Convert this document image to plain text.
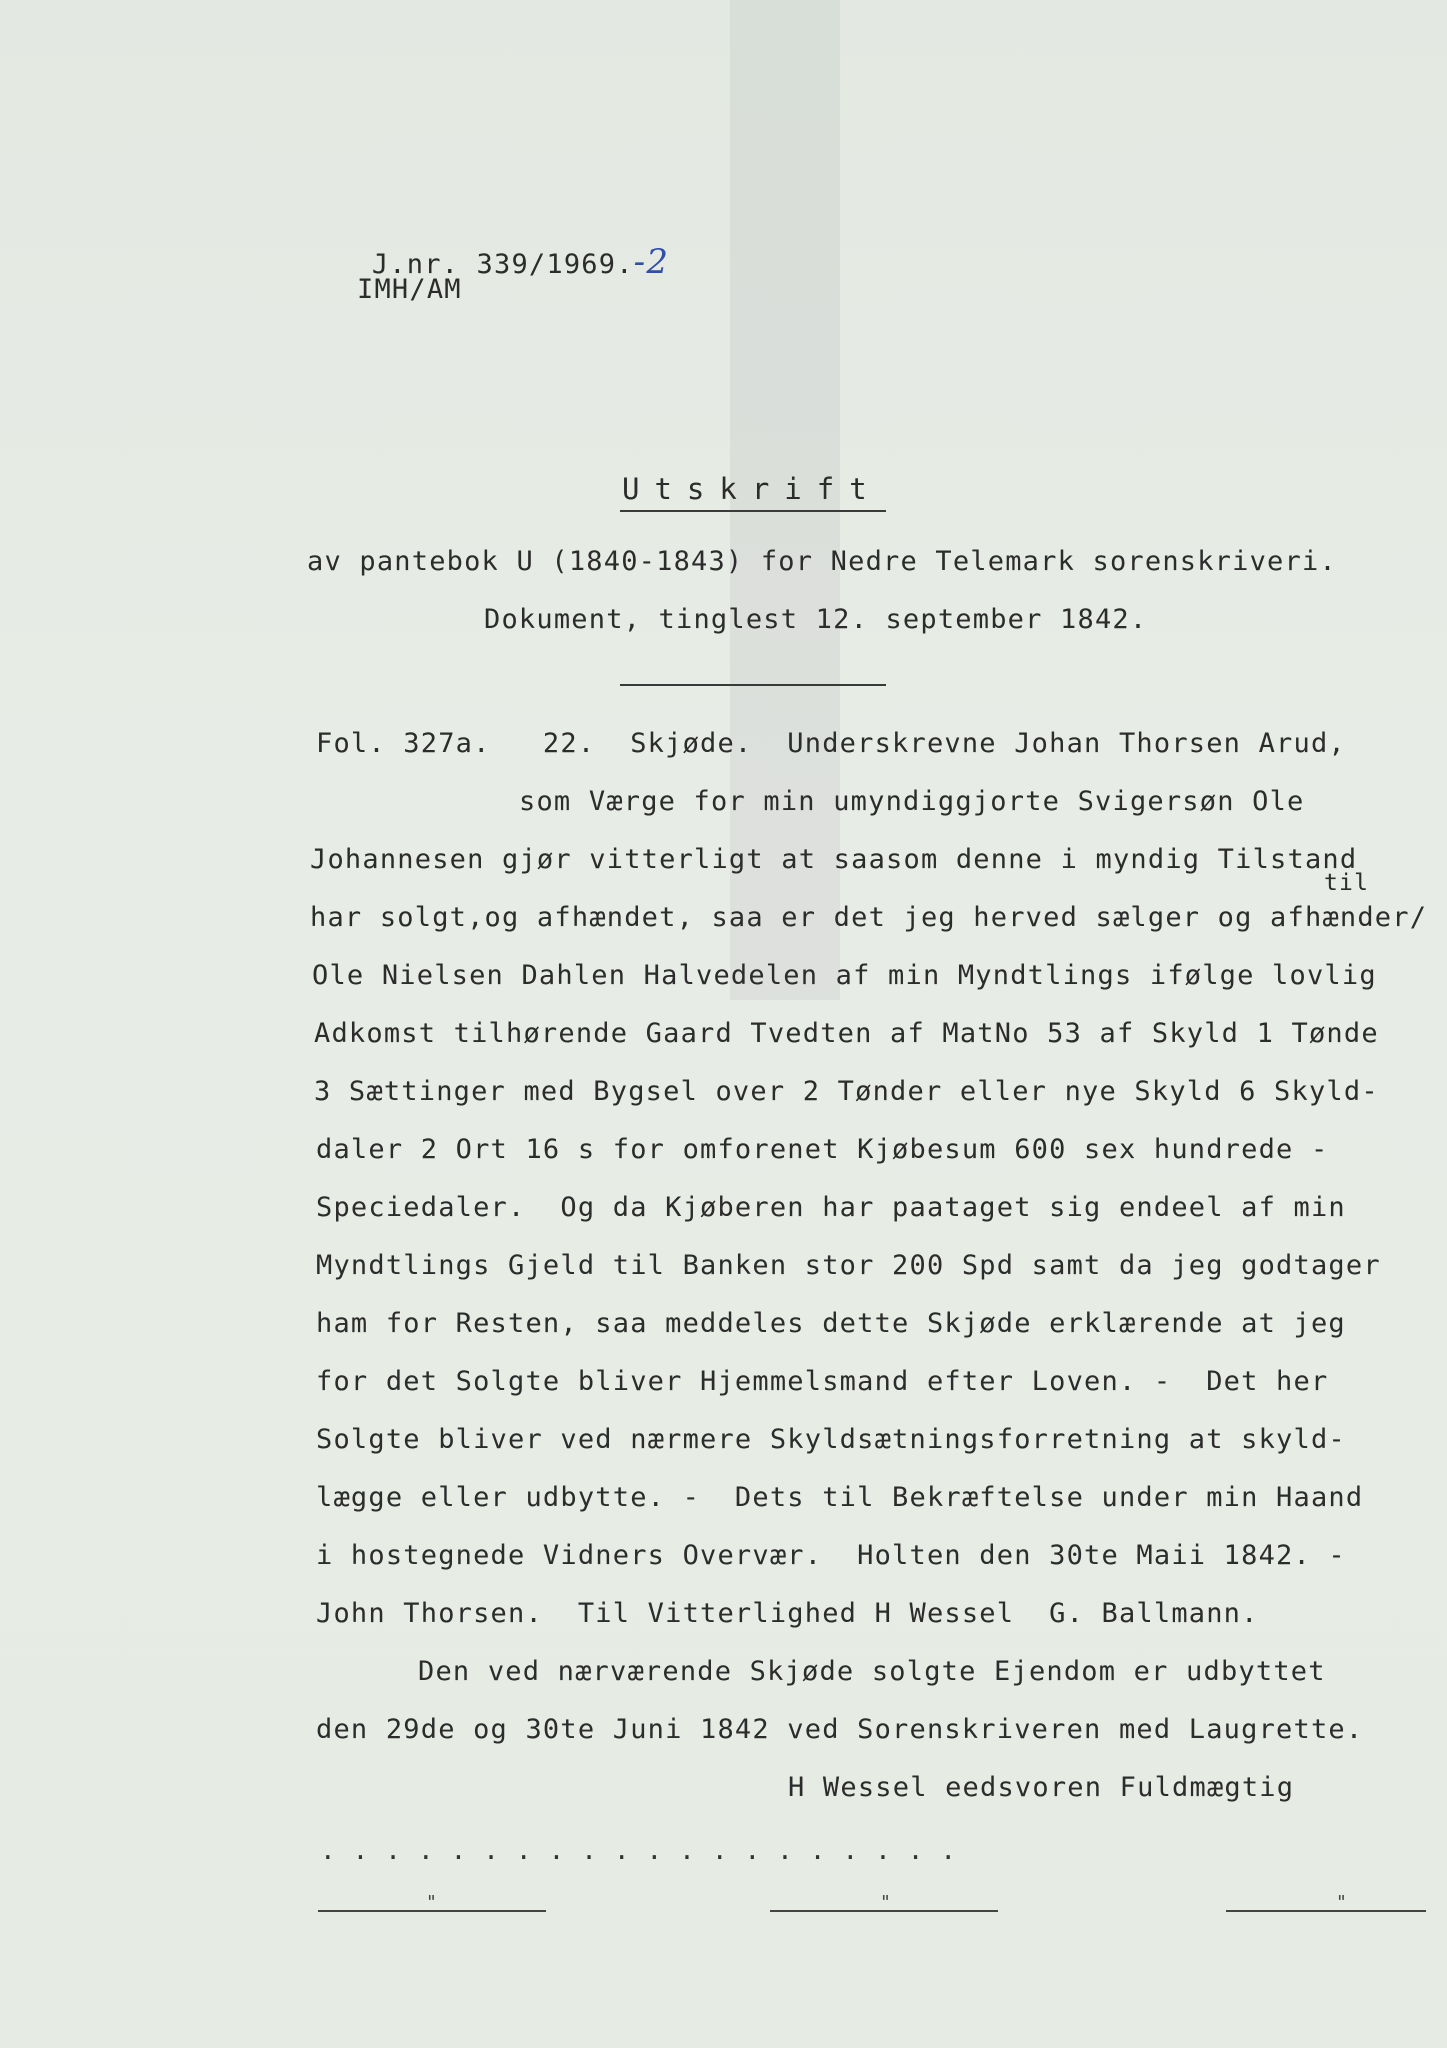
J.nr. 339/1969.-2

IMH/AM
Utskrift
av pantebok U (1840-1843) for Nedre Telemark sorenskriveri.
Dokument, tinglest 12. september 1842.
Fol. 327a.   22.  Skjøde.  Underskrevne Johan Thorsen Arud,
som Værge for min umyndiggjorte Svigersøn Ole
Johannesen gjør vitterligt at saasom denne i myndig Tilstand
til
har solgt,og afhændet, saa er det jeg herved sælger og afhænder/
Ole Nielsen Dahlen Halvedelen af min Myndtlings ifølge lovlig
Adkomst tilhørende Gaard Tvedten af MatNo 53 af Skyld 1 Tønde
3 Sættinger med Bygsel over 2 Tønder eller nye Skyld 6 Skyld-
daler 2 Ort 16 s for omforenet Kjøbesum 600 sex hundrede -
Speciedaler.  Og da Kjøberen har paataget sig endeel af min
Myndtlings Gjeld til Banken stor 200 Spd samt da jeg godtager
ham for Resten, saa meddeles dette Skjøde erklærende at jeg
for det Solgte bliver Hjemmelsmand efter Loven. -  Det her
Solgte bliver ved nærmere Skyldsætningsforretning at skyld-
lægge eller udbytte. -  Dets til Bekræftelse under min Haand
i hostegnede Vidners Overvær.  Holten den 30te Maii 1842. -
John Thorsen.  Til Vitterlighed H Wessel  G. Ballmann.
Den ved nærværende Skjøde solgte Ejendom er udbyttet
den 29de og 30te Juni 1842 ved Sorenskriveren med Laugrette.
H Wessel eedsvoren Fuldmægtig
....................
"	"	"
